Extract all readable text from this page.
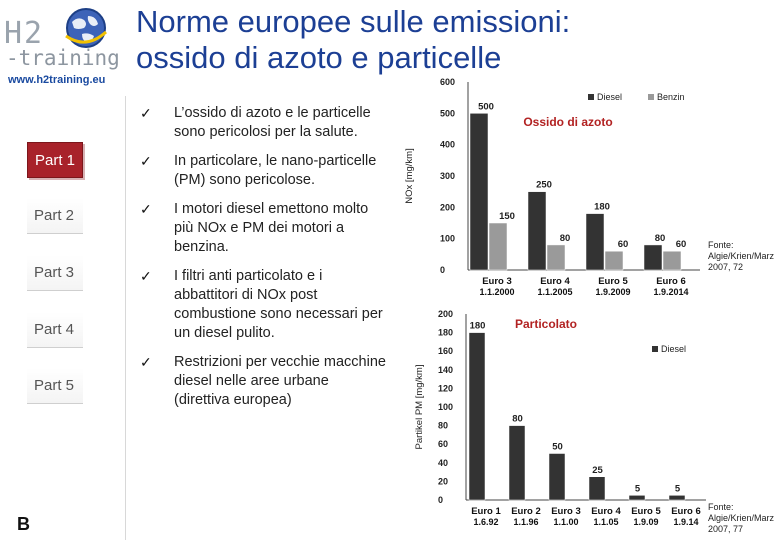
H2
-training
www.h2training.eu
Norme europee sulle emissioni:
ossido di azoto e particelle
Part 1
Part 2
Part 3
Part 4
Part 5
B
✓ L’ossido di azoto e le particelle sono pericolosi per la salute.
✓ In particolare, le nano-particelle (PM) sono pericolose.
✓ I motori diesel emettono molto più NOx e PM dei motori a benzina.
✓ I filtri anti particolato e i abbattitori di NOx post combustione sono necessari per un diesel pulito.
✓ Restrizioni per vecchie macchine diesel nelle aree urbane (direttiva europea)
NOx [mg/km]
0
100
200
300
400
500
600
500
150
Euro 3
1.1.2000
250
80
Euro 4
1.1.2005
180
60
Euro 5
1.9.2009
80
60
Euro 6
1.9.2014
Ossido di azoto
Diesel	Benzin
Fonte:
Algie/Krien/Marz
2007, 72
Partikel PM [mg/km]
0
20
40
60
80
100
120
140
160
180
200
180
Euro 1
1.6.92
80
Euro 2
1.1.96
50
Euro 3
1.1.00
25
Euro 4
1.1.05
5
Euro 5
1.9.09
5
Euro 6
1.9.14
Particolato
Diesel
Fonte:
Algie/Krien/Marz
2007, 77
